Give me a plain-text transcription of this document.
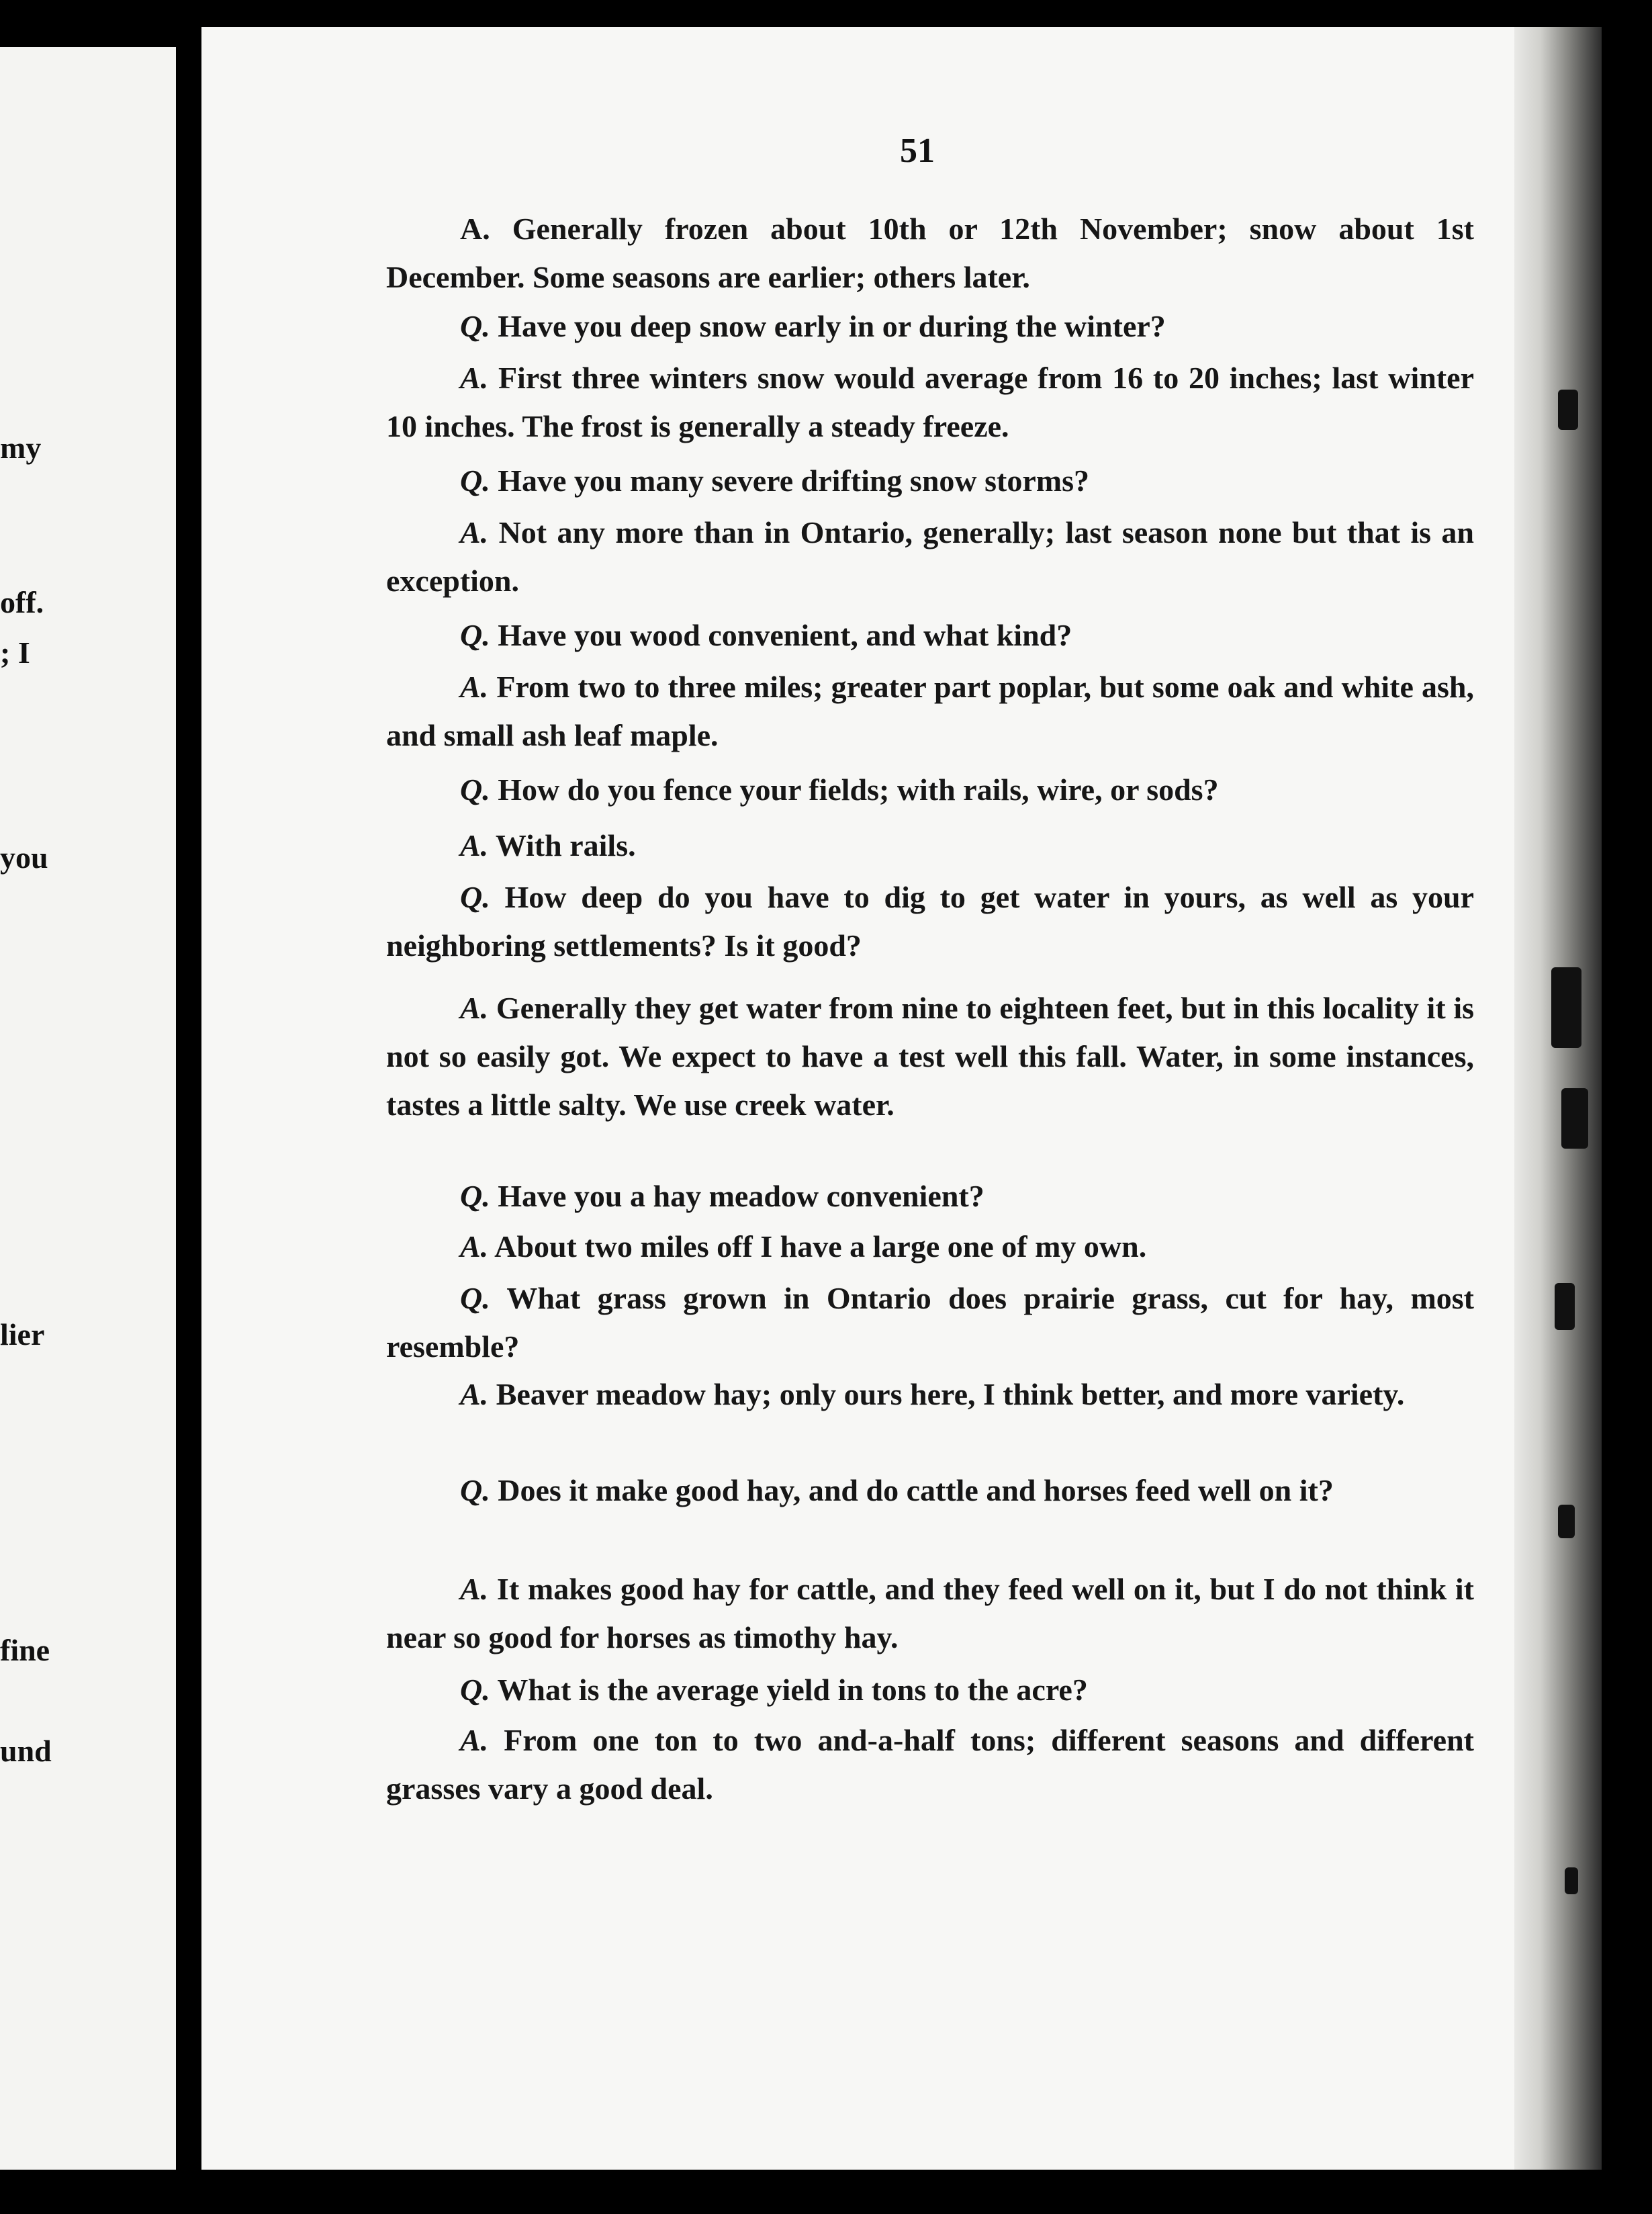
my
off.
; I
you
lier
fine
und
51

A. Generally frozen about 10th or 12th November; snow about 1st December. Some seasons are earlier; others later.

Q. Have you deep snow early in or during the winter?

A. First three winters snow would average from 16 to 20 inches; last winter 10 inches. The frost is generally a steady freeze.

Q. Have you many severe drifting snow storms?

A. Not any more than in Ontario, generally; last season none but that is an exception.

Q. Have you wood convenient, and what kind?

A. From two to three miles; greater part poplar, but some oak and white ash, and small ash leaf maple.

Q. How do you fence your fields; with rails, wire, or sods?

A. With rails.

Q. How deep do you have to dig to get water in yours, as well as your neighboring settlements? Is it good?

A. Generally they get water from nine to eighteen feet, but in this locality it is not so easily got. We expect to have a test well this fall. Water, in some instances, tastes a little salty. We use creek water.

Q. Have you a hay meadow convenient?

A. About two miles off I have a large one of my own.

Q. What grass grown in Ontario does prairie grass, cut for hay, most resemble?

A. Beaver meadow hay; only ours here, I think better, and more variety.

Q. Does it make good hay, and do cattle and horses feed well on it?

A. It makes good hay for cattle, and they feed well on it, but I do not think it near so good for horses as timothy hay.

Q. What is the average yield in tons to the acre?

A. From one ton to two and-a-half tons; different seasons and different grasses vary a good deal.
